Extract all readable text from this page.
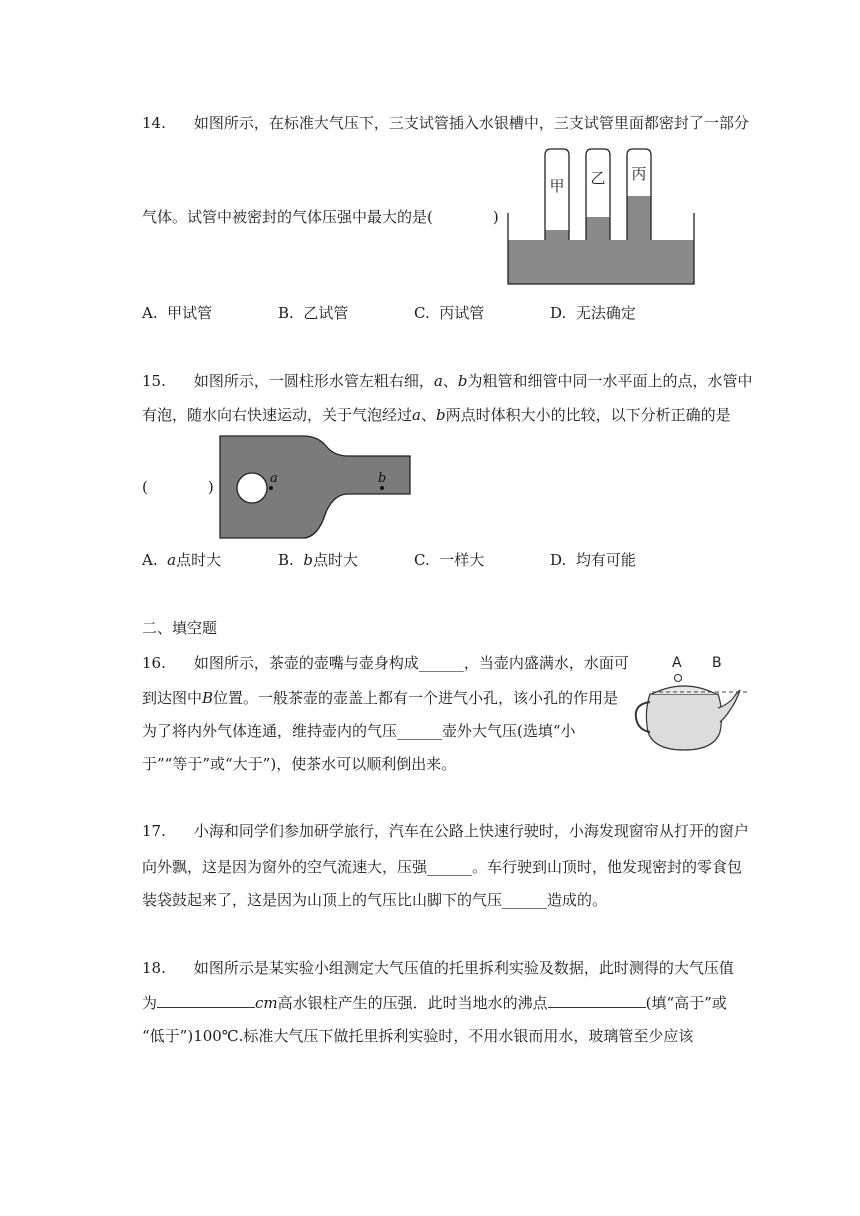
14. 如图所示，在标准大气压下，三支试管插入水银槽中，三支试管里面都密封了一部分
甲 乙 丙
气体。试管中被密封的气体压强中最大的是(　　　　)
A. 甲试管	B. 乙试管	C. 丙试管	D. 无法确定
15. 如图所示，一圆柱形水管左粗右细，a、b为粗管和细管中同一水平面上的点，水管中
有泡，随水向右快速运动，关于气泡经过a、b两点时体积大小的比较，以下分析正确的是
(　　　　)	a	b
A. a点时大	B. b点时大	C. 一样大	D. 均有可能
二、填空题
16. 如图所示，茶壶的壶嘴与壶身构成______，当壶内盛满水，水面可
到达图中B位置。一般茶壶的壶盖上都有一个进气小孔，该小孔的作用是
为了将内外气体连通，维持壶内的气压______壶外大气压(选填“小
于”“等于”或“大于”)，使茶水可以顺利倒出来。
A B
17. 小海和同学们参加研学旅行，汽车在公路上快速行驶时，小海发现窗帘从打开的窗户
向外飘，这是因为窗外的空气流速大，压强______。车行驶到山顶时，他发现密封的零食包
装袋鼓起来了，这是因为山顶上的气压比山脚下的气压______造成的。
18. 如图所示是某实验小组测定大气压值的托里拆利实验及数据，此时测得的大气压值
为	cm高水银柱产生的压强．此时当地水的沸点	(填“高于”或
“低于”)100℃.标准大气压下做托里拆利实验时，不用水银而用水，玻璃管至少应该
